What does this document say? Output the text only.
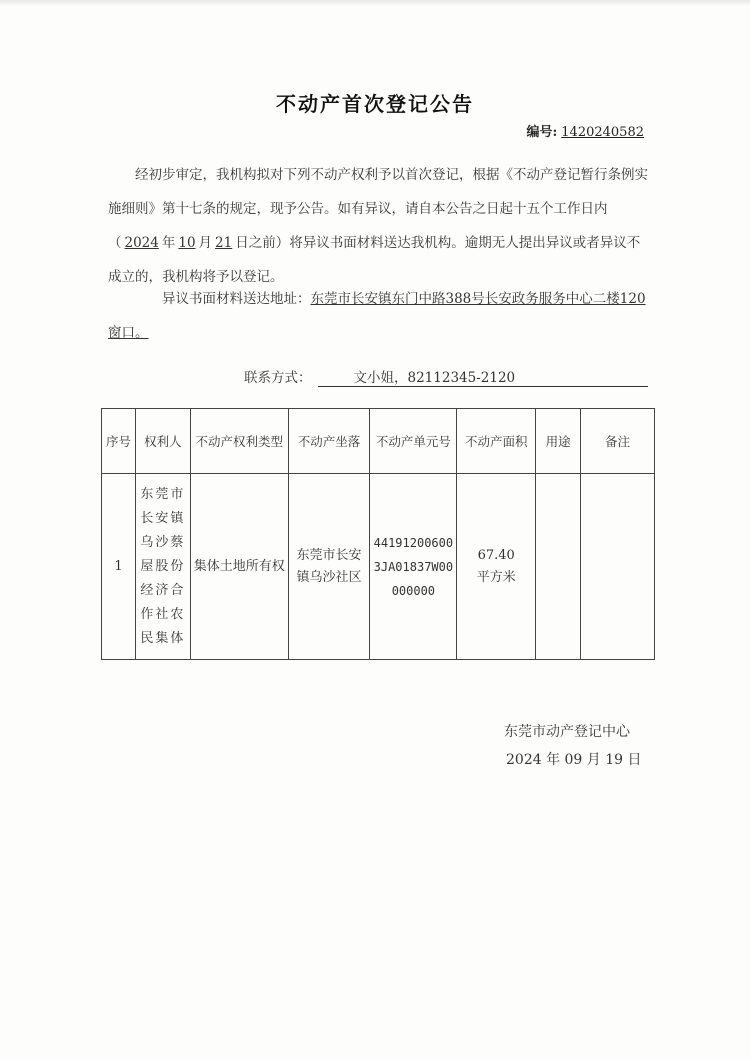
不动产首次登记公告
编号: 1420240582
经初步审定，我机构拟对下列不动产权利予以首次登记，根据《不动产登记暂行条例实施细则》第十七条的规定，现予公告。如有异议，请自本公告之日起十五个工作日内（ 2024 年 10 月 21 日之前）将异议书面材料送达我机构。逾期无人提出异议或者异议不成立的，我机构将予以登记。
异议书面材料送达地址：东莞市长安镇东门中路388号长安政务服务中心二楼120窗口。
联系方式：	文小姐，82112345-2120
序号	权利人	不动产权利类型	不动产坐落	不动产单元号	不动产面积	用途	备注
1	东莞市长安镇乌沙蔡屋股份经济合作社农民集体	集体土地所有权	东莞市长安镇乌沙社区	441912006003JA01837W00000000	67.40
平方米		

东莞市动产登记中心
2024 年 09 月 19 日
